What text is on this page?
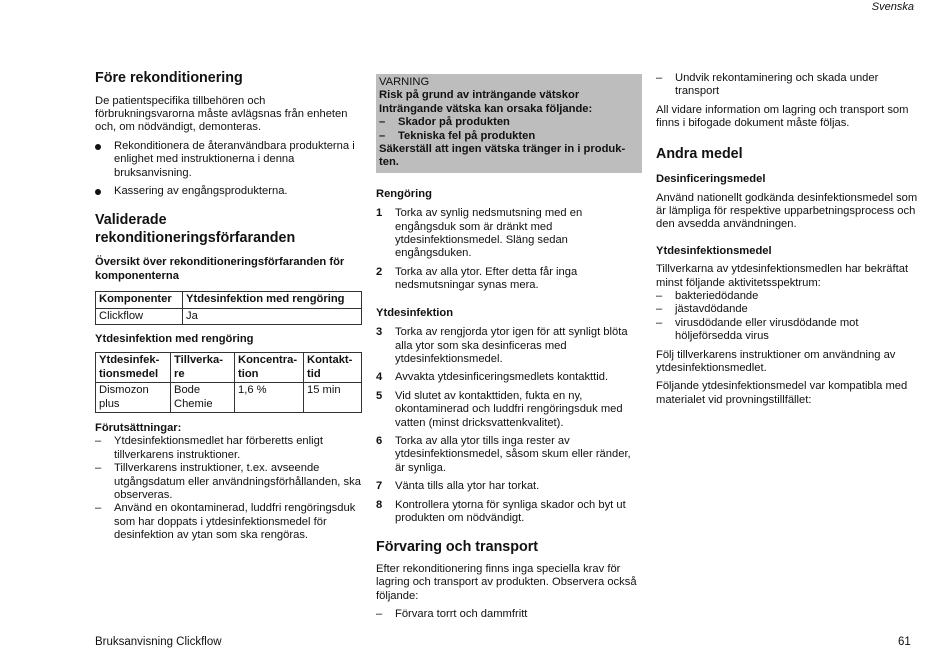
Svenska
Före rekonditionering

De patientspecifika tillbehören och förbrukningsvarorna måste avlägsnas från enheten och, om nödvändigt, demonteras.

Rekonditionera de återanvändbara produkterna i enlighet med instruktionerna i denna bruksanvisning.
Kassering av engångsprodukterna.
Validerade
rekonditioneringsförfaranden
Översikt över rekonditioneringsförfaranden för komponenterna
Komponenter	Ytdesinfektion med rengöring
Clickflow	Ja
Ytdesinfektion med rengöring
Ytdesinfek-tionsmedel	Tillverka-re	Koncentra-tion	Kontakt-tid
Dismozon plus	Bode Chemie	1,6 %	15 min
Förutsättningar:
– Ytdesinfektionsmedlet har förberetts enligt tillverkarens instruktioner.
– Tillverkarens instruktioner, t.ex. avseende utgångsdatum eller användningsförhållanden, ska observeras.
– Använd en okontaminerad, luddfri rengöringsduk som har doppats i ytdesinfektionsmedel för desinfektion av ytan som ska rengöras.
VARNING
Risk på grund av inträngande vätskor
Inträngande vätska kan orsaka följande:
– Skador på produkten
– Tekniska fel på produkten
Säkerställ att ingen vätska tränger in i produk-ten.
Rengöring
1 Torka av synlig nedsmutsning med en engångsduk som är dränkt med ytdesinfektionsmedel. Släng sedan engångsduken.
2 Torka av alla ytor. Efter detta får inga nedsmutsningar synas mera.
Ytdesinfektion
3 Torka av rengjorda ytor igen för att synligt blöta alla ytor som ska desinficeras med ytdesinfektionsmedel.
4 Avvakta ytdesinficeringsmedlets kontakttid.
5 Vid slutet av kontakttiden, fukta en ny, okontaminerad och luddfri rengöringsduk med vatten (minst dricksvattenkvalitet).
6 Torka av alla ytor tills inga rester av ytdesinfektionsmedel, såsom skum eller ränder, är synliga.
7 Vänta tills alla ytor har torkat.
8 Kontrollera ytorna för synliga skador och byt ut produkten om nödvändigt.
Förvaring och transport

Efter rekonditionering finns inga speciella krav för lagring och transport av produkten. Observera också följande:

– Förvara torrt och dammfritt
– Undvik rekontaminering och skada under transport

All vidare information om lagring och transport som finns i bifogade dokument måste följas.

Andra medel
Desinficeringsmedel

Använd nationellt godkända desinfektionsmedel som är lämpliga för respektive upparbetningsprocess och den avsedda användningen.

Ytdesinfektionsmedel

Tillverkarna av ytdesinfektionsmedlen har bekräftat minst följande aktivitetsspektrum:

– bakteriedödande
– jästavdödande
– virusdödande eller virusdödande mot höljeförsedda virus

Följ tillverkarens instruktioner om användning av ytdesinfektionsmedlet.

Följande ytdesinfektionsmedel var kompatibla med materialet vid provningstillfället:

Bruksanvisning Clickflow	61
